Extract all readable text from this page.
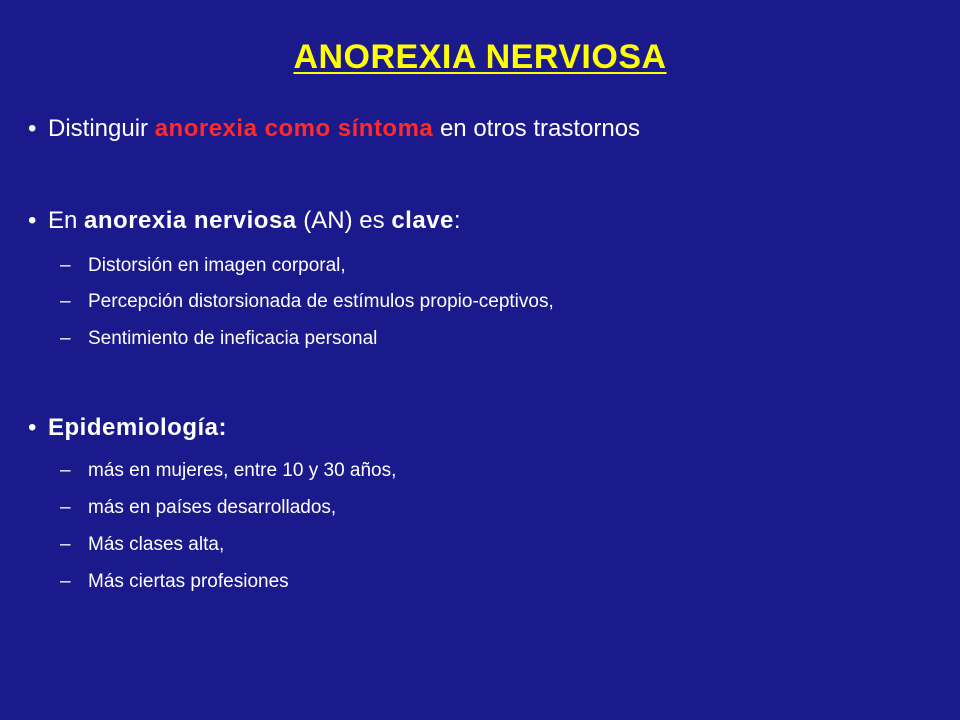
ANOREXIA NERVIOSA
• Distinguir anorexia como síntoma en otros trastornos
• En anorexia nerviosa (AN) es clave:
– Distorsión en imagen corporal,
– Percepción distorsionada de estímulos propio-ceptivos,
– Sentimiento de ineficacia personal
• Epidemiología:
– más en mujeres, entre 10 y 30 años,
– más en países desarrollados,
– Más clases alta,
– Más ciertas profesiones
